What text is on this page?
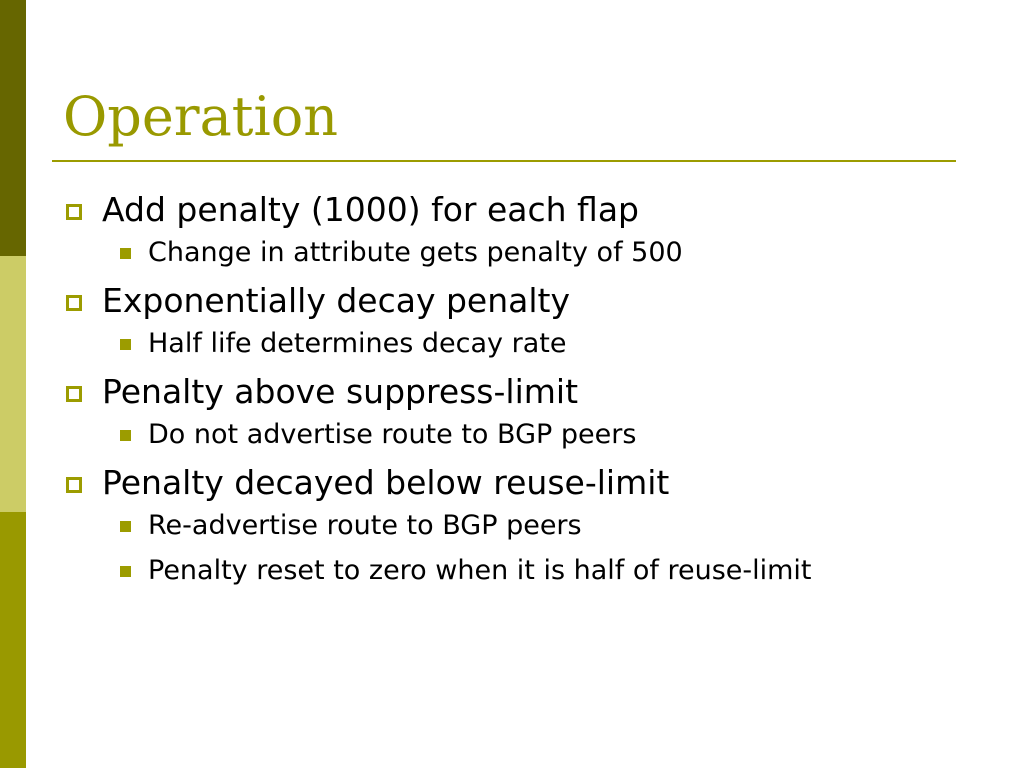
Operation
Add penalty (1000) for each flap
Change in attribute gets penalty of 500
Exponentially decay penalty
Half life determines decay rate
Penalty above suppress-limit
Do not advertise route to BGP peers
Penalty decayed below reuse-limit
Re-advertise route to BGP peers
Penalty reset to zero when it is half of reuse-limit
